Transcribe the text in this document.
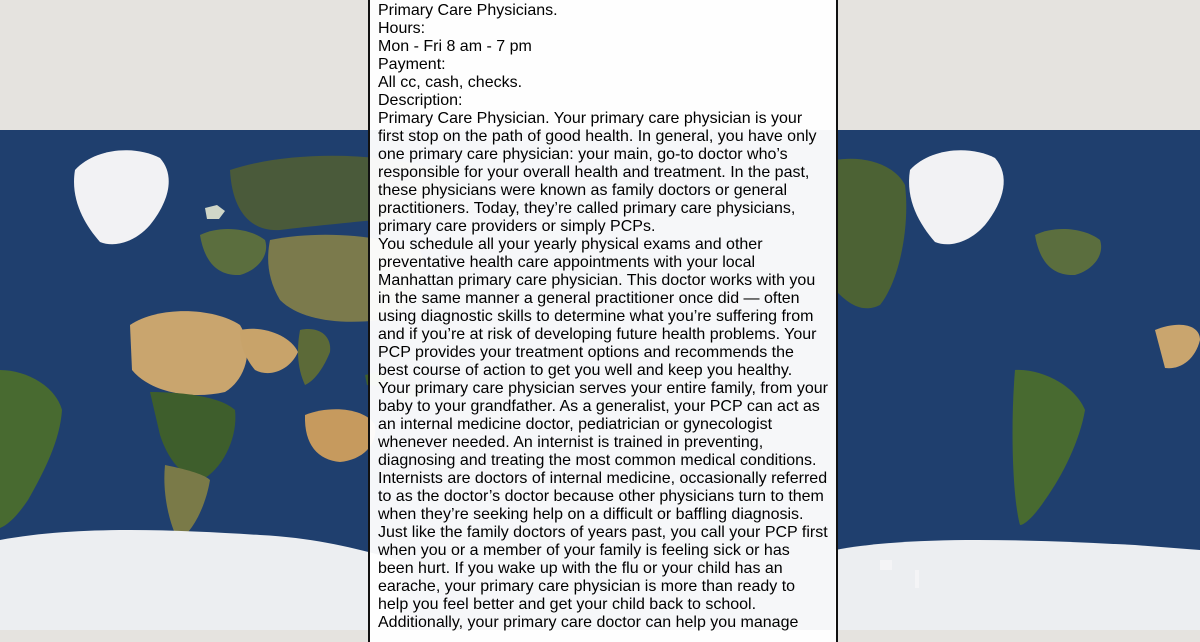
Primary Care Physicians.
Hours:
Mon - Fri 8 am - 7 pm
Payment:
All cc, cash, checks.
Description:
Primary Care Physician. Your primary care physician is your
first stop on the path of good health. In general, you have only
one primary care physician: your main, go-to doctor who’s
responsible for your overall health and treatment. In the past,
these physicians were known as family doctors or general
practitioners. Today, they’re called primary care physicians,
primary care providers or simply PCPs.
You schedule all your yearly physical exams and other
preventative health care appointments with your local
Manhattan primary care physician. This doctor works with you
in the same manner a general practitioner once did — often
using diagnostic skills to determine what you’re suffering from
and if you’re at risk of developing future health problems. Your
PCP provides your treatment options and recommends the
best course of action to get you well and keep you healthy.
Your primary care physician serves your entire family, from your
baby to your grandfather. As a generalist, your PCP can act as
an internal medicine doctor, pediatrician or gynecologist
whenever needed. An internist is trained in preventing,
diagnosing and treating the most common medical conditions.
Internists are doctors of internal medicine, occasionally referred
to as the doctor’s doctor because other physicians turn to them
when they’re seeking help on a difficult or baffling diagnosis.
Just like the family doctors of years past, you call your PCP first
when you or a member of your family is feeling sick or has
been hurt. If you wake up with the flu or your child has an
earache, your primary care physician is more than ready to
help you feel better and get your child back to school.
Additionally, your primary care doctor can help you manage
